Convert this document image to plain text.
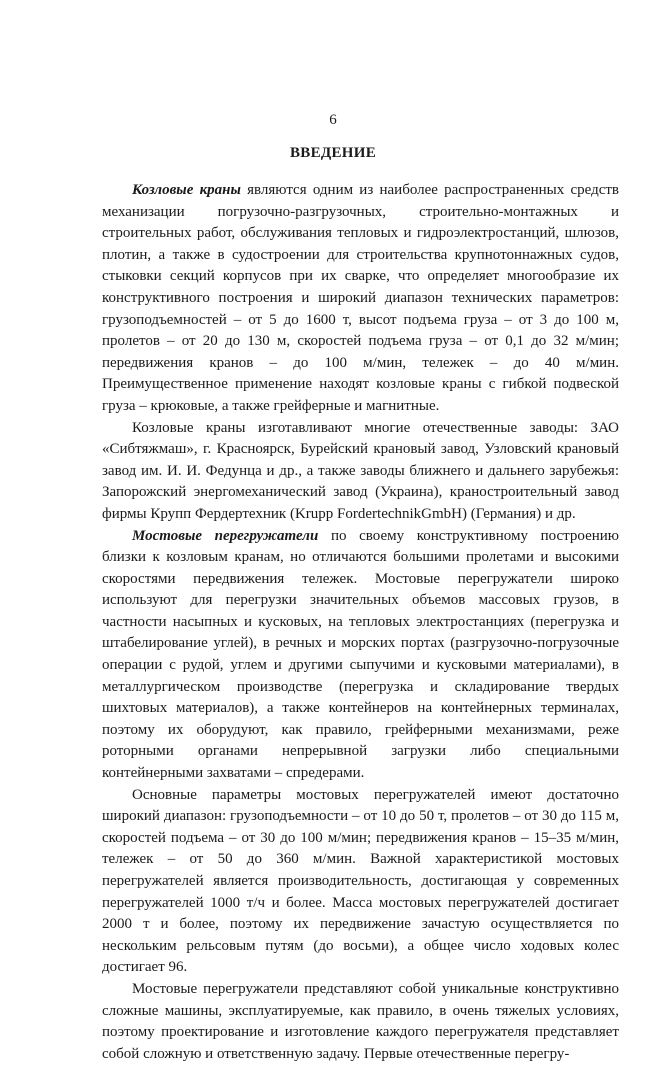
6
ВВЕДЕНИЕ

Козловые краны являются одним из наиболее распространенных средств механизации погрузочно-разгрузочных, строительно-монтажных и строительных работ, обслуживания тепловых и гидроэлектростанций, шлюзов, плотин, а также в судостроении для строительства крупнотоннажных судов, стыковки секций корпусов при их сварке, что определяет многообразие их конструктивного построения и широкий диапазон технических параметров: грузоподъемностей – от 5 до 1600 т, высот подъема груза – от 3 до 100 м, пролетов – от 20 до 130 м, скоростей подъема груза – от 0,1 до 32 м/мин; передвижения кранов – до 100 м/мин, тележек – до 40 м/мин. Преимущественное применение находят козловые краны с гибкой подвеской груза – крюковые, а также грейферные и магнитные.

Козловые краны изготавливают многие отечественные заводы: ЗАО «Сибтяжмаш», г. Красноярск, Бурейский крановый завод, Узловский крановый завод им. И. И. Федунца и др., а также заводы ближнего и дальнего зарубежья: Запорожский энергомеханический завод (Украина), краностроительный завод фирмы Крупп Фердертехник (Krupp FordertechnikGmbH) (Германия) и др.

Мостовые перегружатели по своему конструктивному построению близки к козловым кранам, но отличаются большими пролетами и высокими скоростями передвижения тележек. Мостовые перегружатели широко используют для перегрузки значительных объемов массовых грузов, в частности насыпных и кусковых, на тепловых электростанциях (перегрузка и штабелирование углей), в речных и морских портах (разгрузочно-погрузочные операции с рудой, углем и другими сыпучими и кусковыми материалами), в металлургическом производстве (перегрузка и складирование твердых шихтовых материалов), а также контейнеров на контейнерных терминалах, поэтому их оборудуют, как правило, грейферными механизмами, реже роторными органами непрерывной загрузки либо специальными контейнерными захватами – спредерами.

Основные параметры мостовых перегружателей имеют достаточно широкий диапазон: грузоподъемности – от 10 до 50 т, пролетов – от 30 до 115 м, скоростей подъема – от 30 до 100 м/мин; передвижения кранов – 15–35 м/мин, тележек – от 50 до 360 м/мин. Важной характеристикой мостовых перегружателей является производительность, достигающая у современных перегружателей 1000 т/ч и более. Масса мостовых перегружателей достигает 2000 т и более, поэтому их передвижение зачастую осуществляется по нескольким рельсовым путям (до восьми), а общее число ходовых колес достигает 96.

Мостовые перегружатели представляют собой уникальные конструктивно сложные машины, эксплуатируемые, как правило, в очень тяжелых условиях, поэтому проектирование и изготовление каждого перегружателя представляет собой сложную и ответственную задачу. Первые отечественные перегру-
